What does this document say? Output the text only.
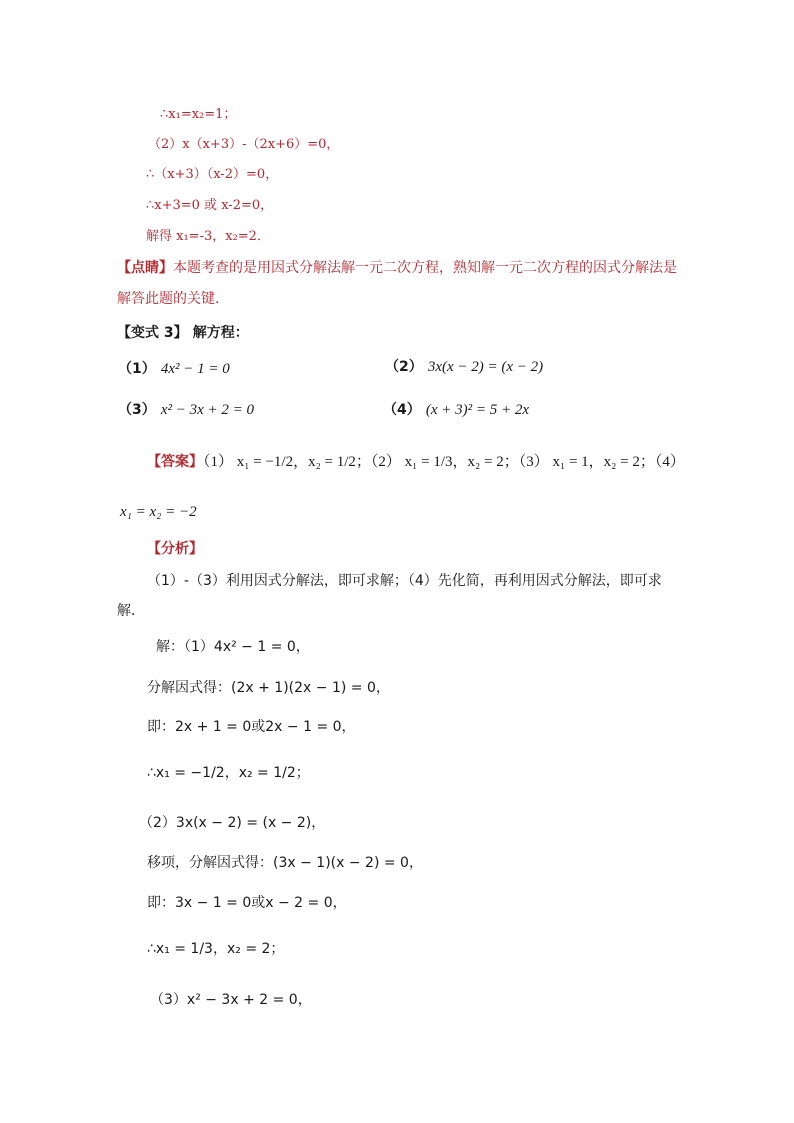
∴x₁=x₂=1；
（2）x（x+3）-（2x+6）=0，
∴（x+3）（x-2）=0，
∴x+3=0 或 x-2=0，
解得 x₁=-3，x₂=2．
【点睛】本题考查的是用因式分解法解一元二次方程，熟知解一元二次方程的因式分解法是
解答此题的关键．
【变式 3】 解方程：
（1） 4x² − 1 = 0	（2） 3x(x − 2) = (x − 2)
（3） x² − 3x + 2 = 0	（4） (x + 3)² = 5 + 2x
【答案】（1） x₁ = −1/2，x₂ = 1/2；（2） x₁ = 1/3，x₂ = 2；（3） x₁ = 1，x₂ = 2；（4）
x₁ = x₂ = −2
【分析】
（1）-（3）利用因式分解法，即可求解；（4）先化简，再利用因式分解法，即可求
解．
解：（1）4x² − 1 = 0，
分解因式得：(2x + 1)(2x − 1) = 0，
即：2x + 1 = 0或2x − 1 = 0，
∴x₁ = −1/2，x₂ = 1/2；
（2）3x(x − 2) = (x − 2)，
移项，分解因式得：(3x − 1)(x − 2) = 0，
即：3x − 1 = 0或x − 2 = 0，
∴x₁ = 1/3，x₂ = 2；
（3）x² − 3x + 2 = 0，
